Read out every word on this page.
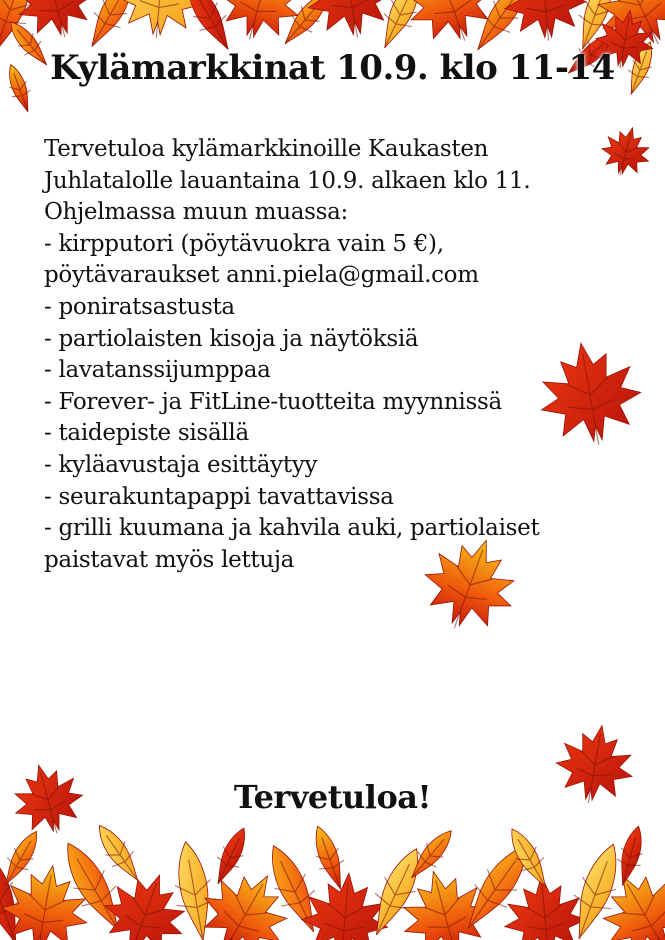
Kylämarkkinat 10.9. klo 11-14
Tervetuloa kylämarkkinoille Kaukasten
Juhlatalolle lauantaina 10.9. alkaen klo 11.
Ohjelmassa muun muassa:
- kirpputori (pöytävuokra vain 5 €),
pöytävaraukset anni.piela@gmail.com
- poniratsastusta
- partiolaisten kisoja ja näytöksiä
- lavatanssijumppaa
- Forever- ja FitLine-tuotteita myynnissä
- taidepiste sisällä
- kyläavustaja esittäytyy
- seurakuntapappi tavattavissa
- grilli kuumana ja kahvila auki, partiolaiset
paistavat myös lettuja
Tervetuloa!
